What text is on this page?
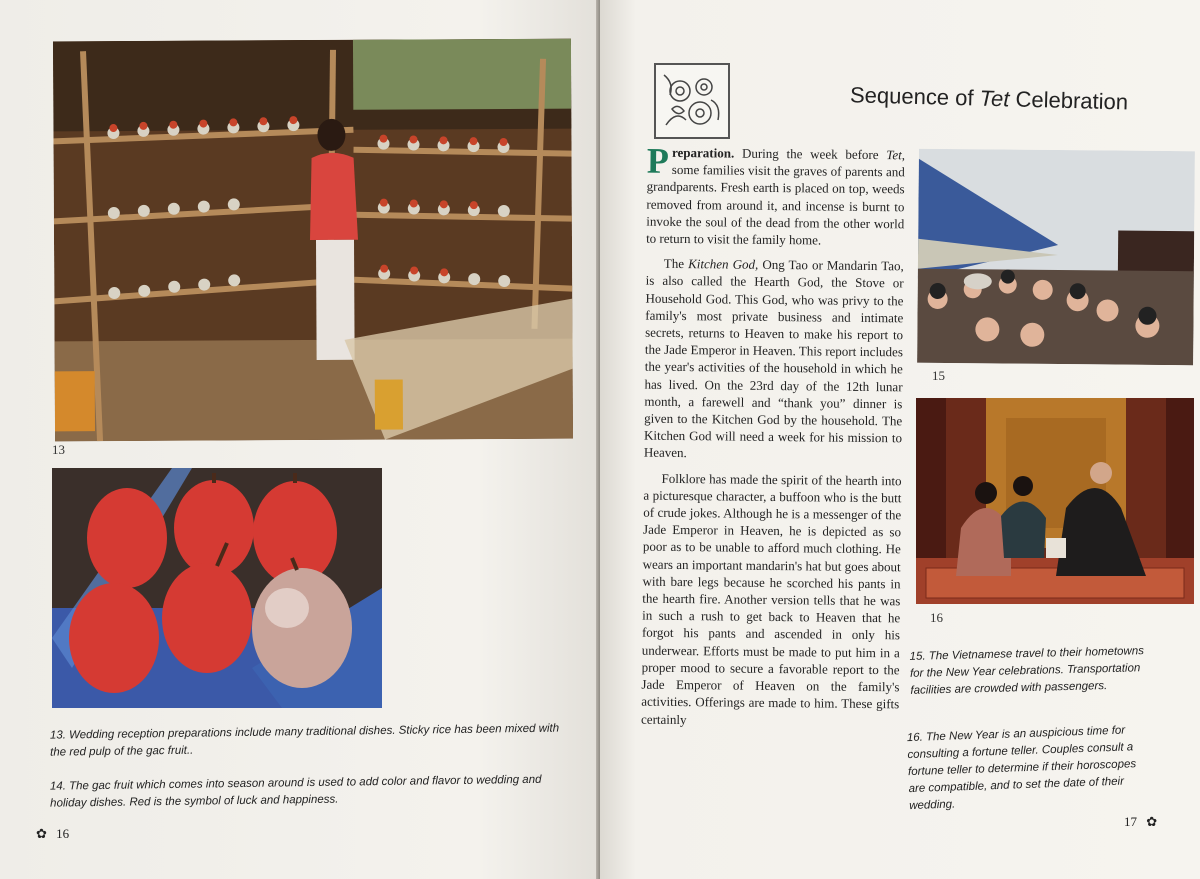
13
13. Wedding reception preparations include many traditional dishes. Sticky rice has been mixed with the red pulp of the gac fruit..
14. The gac fruit which comes into season around is used to add color and flavor to wedding and holiday dishes. Red is the symbol of luck and happiness.
✿ 16
Sequence of Tet Celebration

Preparation. During the week before Tet, some families visit the graves of parents and grandparents. Fresh earth is placed on top, weeds removed from around it, and incense is burnt to invoke the soul of the dead from the other world to return to visit the family home.

The Kitchen God, Ong Tao or Mandarin Tao, is also called the Hearth God, the Stove or Household God. This God, who was privy to the family's most private business and intimate secrets, returns to Heaven to make his report to the Jade Emperor in Heaven. This report includes the year's activities of the household in which he has lived. On the 23rd day of the 12th lunar month, a farewell and “thank you” dinner is given to the Kitchen God by the household. The Kitchen God will need a week for his mission to Heaven.

Folklore has made the spirit of the hearth into a picturesque character, a buffoon who is the butt of crude jokes. Although he is a messenger of the Jade Emperor in Heaven, he is depicted as so poor as to be unable to afford much clothing. He wears an important mandarin's hat but goes about with bare legs because he scorched his pants in the hearth fire. Another version tells that he was in such a rush to get back to Heaven that he forgot his pants and ascended in only his underwear. Efforts must be made to put him in a proper mood to secure a favorable report to the Jade Emperor of Heaven on the family's activities. Offerings are made to him. These gifts certainly

15
16
15. The Vietnamese travel to their hometowns for the New Year celebrations. Transportation facilities are crowded with passengers.
16. The New Year is an auspicious time for consulting a fortune teller. Couples consult a fortune teller to determine if their horoscopes are compatible, and to set the date of their wedding.
17 ✿
